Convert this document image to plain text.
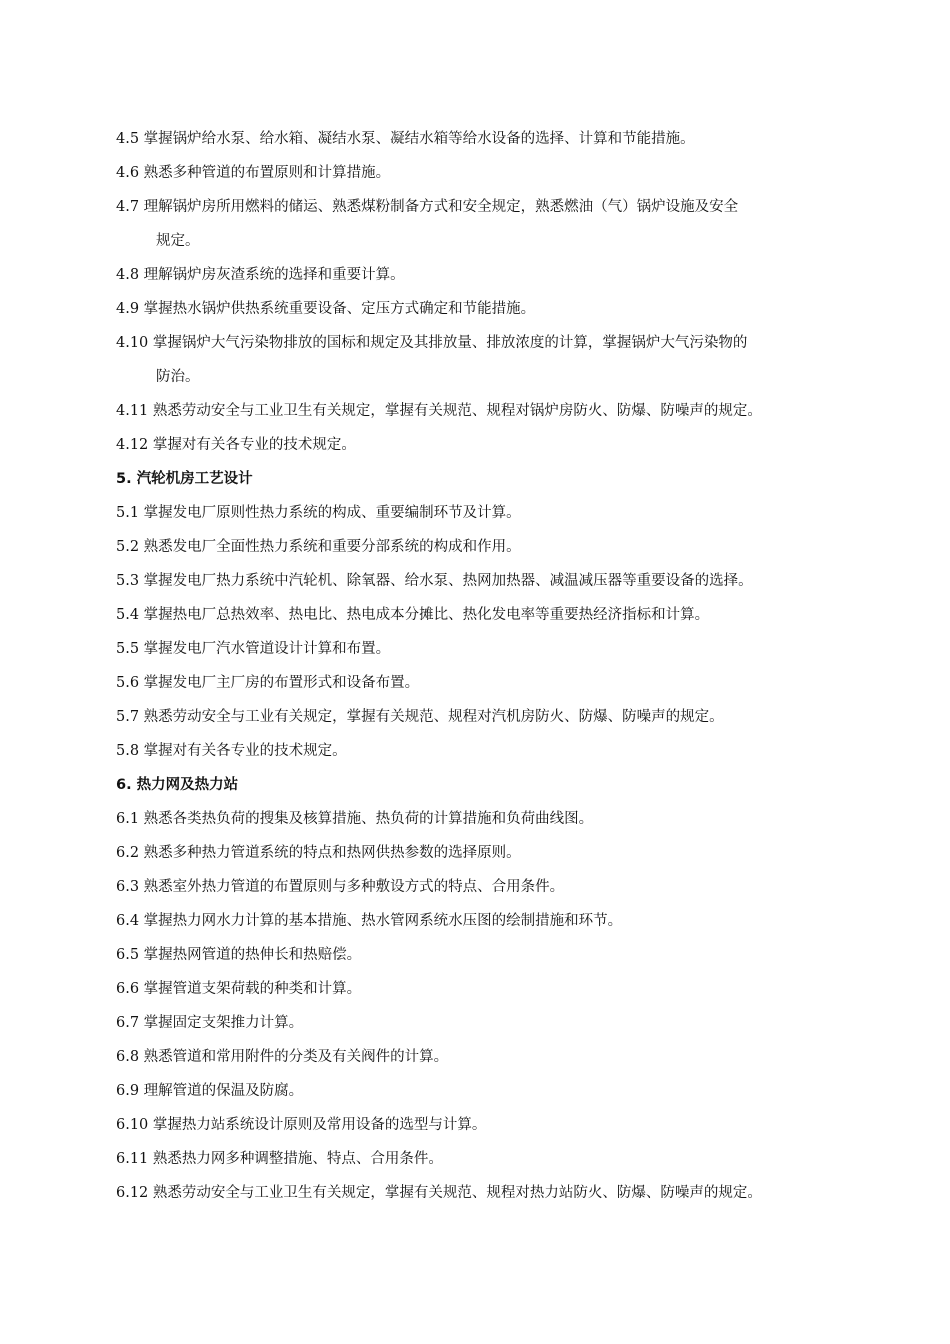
4.5 掌握锅炉给水泵、给水箱、凝结水泵、凝结水箱等给水设备的选择、计算和节能措施。
4.6 熟悉多种管道的布置原则和计算措施。
4.7 理解锅炉房所用燃料的储运、熟悉煤粉制备方式和安全规定，熟悉燃油（气）锅炉设施及安全
规定。
4.8 理解锅炉房灰渣系统的选择和重要计算。
4.9 掌握热水锅炉供热系统重要设备、定压方式确定和节能措施。
4.10 掌握锅炉大气污染物排放的国标和规定及其排放量、排放浓度的计算，掌握锅炉大气污染物的
防治。
4.11 熟悉劳动安全与工业卫生有关规定，掌握有关规范、规程对锅炉房防火、防爆、防噪声的规定。
4.12 掌握对有关各专业的技术规定。
5. 汽轮机房工艺设计
5.1 掌握发电厂原则性热力系统的构成、重要编制环节及计算。
5.2 熟悉发电厂全面性热力系统和重要分部系统的构成和作用。
5.3 掌握发电厂热力系统中汽轮机、除氧器、给水泵、热网加热器、减温减压器等重要设备的选择。
5.4 掌握热电厂总热效率、热电比、热电成本分摊比、热化发电率等重要热经济指标和计算。
5.5 掌握发电厂汽水管道设计计算和布置。
5.6 掌握发电厂主厂房的布置形式和设备布置。
5.7 熟悉劳动安全与工业有关规定，掌握有关规范、规程对汽机房防火、防爆、防噪声的规定。
5.8 掌握对有关各专业的技术规定。
6. 热力网及热力站
6.1 熟悉各类热负荷的搜集及核算措施、热负荷的计算措施和负荷曲线图。
6.2 熟悉多种热力管道系统的特点和热网供热参数的选择原则。
6.3 熟悉室外热力管道的布置原则与多种敷设方式的特点、合用条件。
6.4 掌握热力网水力计算的基本措施、热水管网系统水压图的绘制措施和环节。
6.5 掌握热网管道的热伸长和热赔偿。
6.6 掌握管道支架荷载的种类和计算。
6.7 掌握固定支架推力计算。
6.8 熟悉管道和常用附件的分类及有关阀件的计算。
6.9 理解管道的保温及防腐。
6.10 掌握热力站系统设计原则及常用设备的选型与计算。
6.11 熟悉热力网多种调整措施、特点、合用条件。
6.12 熟悉劳动安全与工业卫生有关规定，掌握有关规范、规程对热力站防火、防爆、防噪声的规定。
